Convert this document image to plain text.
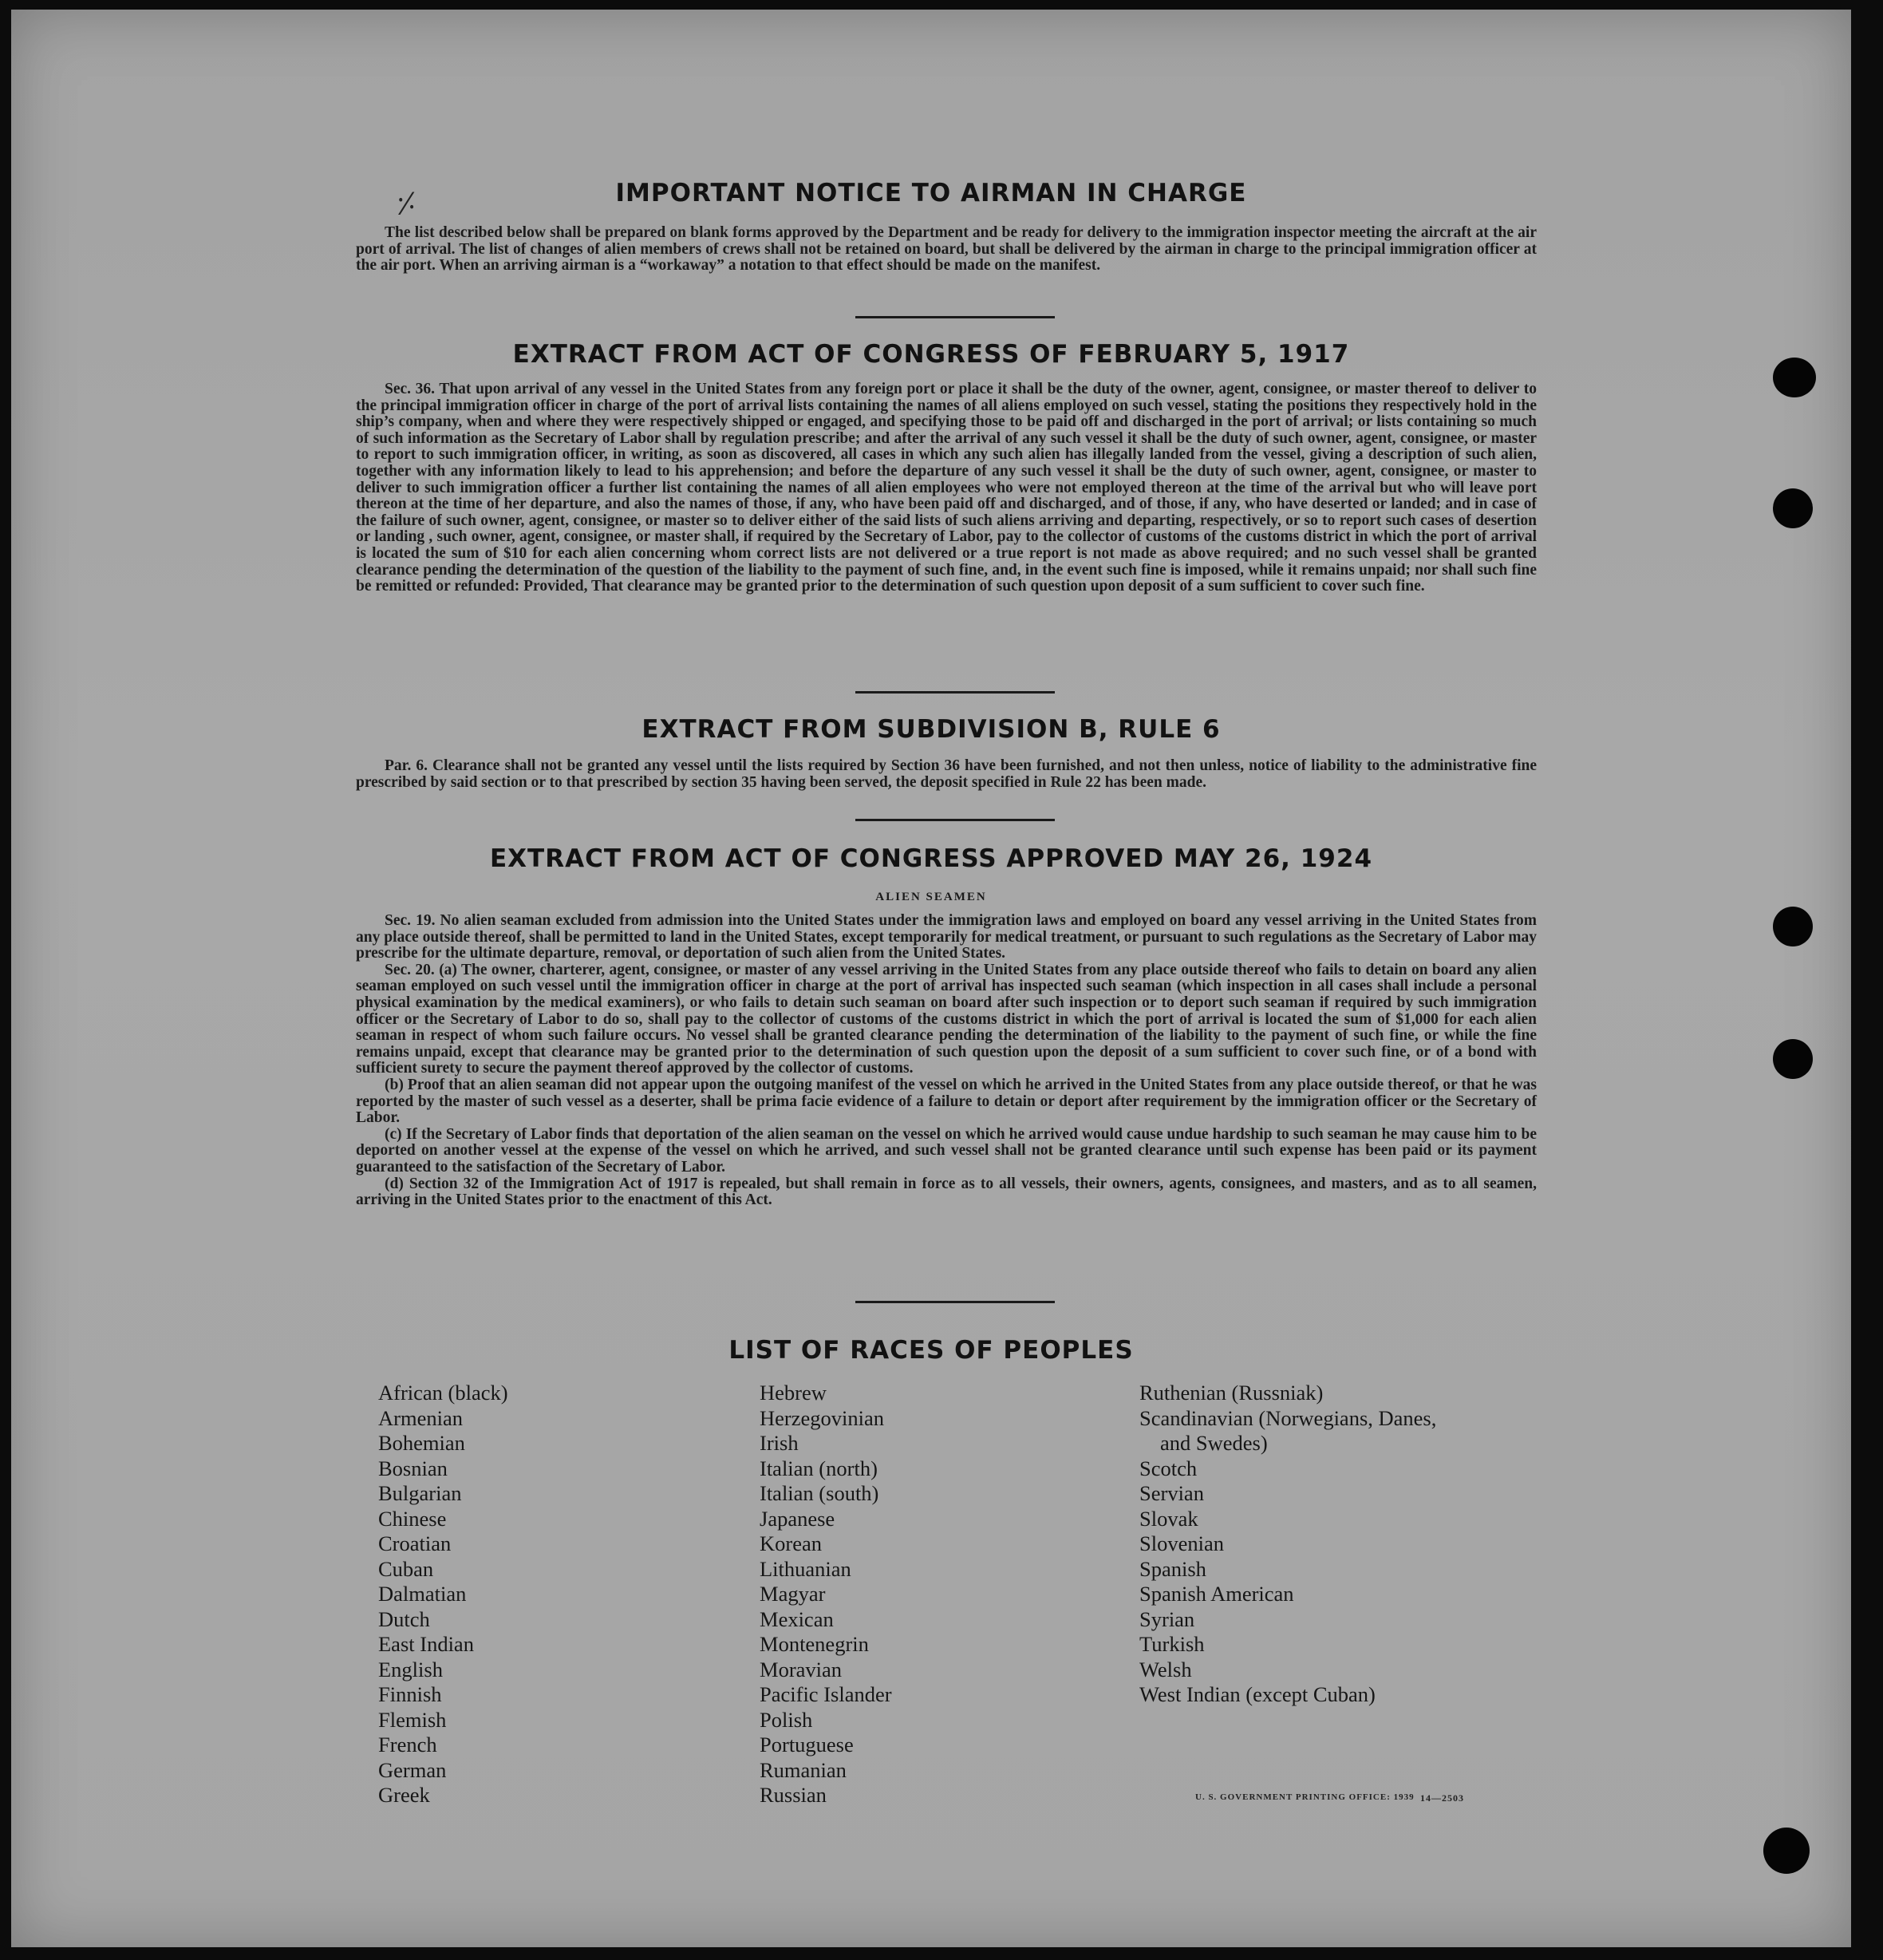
⸓	IMPORTANT NOTICE TO AIRMAN IN CHARGE

The list described below shall be prepared on blank forms approved by the Department and be ready for delivery to the immigration inspector meeting the aircraft at the air port of arrival. The list of changes of alien members of crews shall not be retained on board, but shall be delivered by the airman in charge to the principal immigration officer at the air port. When an arriving airman is a “workaway” a notation to that effect should be made on the manifest.

EXTRACT FROM ACT OF CONGRESS OF FEBRUARY 5, 1917

Sec. 36. That upon arrival of any vessel in the United States from any foreign port or place it shall be the duty of the owner, agent, consignee, or master thereof to deliver to the principal immigration officer in charge of the port of arrival lists containing the names of all aliens employed on such vessel, stating the positions they respectively hold in the ship’s company, when and where they were respectively shipped or engaged, and specifying those to be paid off and discharged in the port of arrival; or lists containing so much of such information as the Secretary of Labor shall by regulation prescribe; and after the arrival of any such vessel it shall be the duty of such owner, agent, consignee, or master to report to such immigration officer, in writing, as soon as discovered, all cases in which any such alien has illegally landed from the vessel, giving a description of such alien, together with any information likely to lead to his apprehension; and before the departure of any such vessel it shall be the duty of such owner, agent, consignee, or master to deliver to such immigration officer a further list containing the names of all alien employees who were not employed thereon at the time of the arrival but who will leave port thereon at the time of her departure, and also the names of those, if any, who have been paid off and discharged, and of those, if any, who have deserted or landed; and in case of the failure of such owner, agent, consignee, or master so to deliver either of the said lists of such aliens arriving and departing, respectively, or so to report such cases of desertion or landing , such owner, agent, consignee, or master shall, if required by the Secretary of Labor, pay to the collector of customs of the customs district in which the port of arrival is located the sum of $10 for each alien concerning whom correct lists are not delivered or a true report is not made as above required; and no such vessel shall be granted clearance pending the determination of the question of the liability to the payment of such fine, and, in the event such fine is imposed, while it remains unpaid; nor shall such fine be remitted or refunded: Provided, That clearance may be granted prior to the determination of such question upon deposit of a sum sufficient to cover such fine.

EXTRACT FROM SUBDIVISION B, RULE 6

Par. 6. Clearance shall not be granted any vessel until the lists required by Section 36 have been furnished, and not then unless, notice of liability to the administrative fine prescribed by said section or to that prescribed by section 35 having been served, the deposit specified in Rule 22 has been made.

EXTRACT FROM ACT OF CONGRESS APPROVED MAY 26, 1924
ALIEN SEAMEN

Sec. 19. No alien seaman excluded from admission into the United States under the immigration laws and employed on board any vessel arriving in the United States from any place outside thereof, shall be permitted to land in the United States, except temporarily for medical treatment, or pursuant to such regulations as the Secretary of Labor may prescribe for the ultimate departure, removal, or deportation of such alien from the United States.

Sec. 20. (a) The owner, charterer, agent, consignee, or master of any vessel arriving in the United States from any place outside thereof who fails to detain on board any alien seaman employed on such vessel until the immigration officer in charge at the port of arrival has inspected such seaman (which inspection in all cases shall include a personal physical examination by the medical examiners), or who fails to detain such seaman on board after such inspection or to deport such seaman if required by such immigration officer or the Secretary of Labor to do so, shall pay to the collector of customs of the customs district in which the port of arrival is located the sum of $1,000 for each alien seaman in respect of whom such failure occurs. No vessel shall be granted clearance pending the determination of the liability to the payment of such fine, or while the fine remains unpaid, except that clearance may be granted prior to the determination of such question upon the deposit of a sum sufficient to cover such fine, or of a bond with sufficient surety to secure the payment thereof approved by the collector of customs.

(b) Proof that an alien seaman did not appear upon the outgoing manifest of the vessel on which he arrived in the United States from any place outside thereof, or that he was reported by the master of such vessel as a deserter, shall be prima facie evidence of a failure to detain or deport after requirement by the immigration officer or the Secretary of Labor.

(c) If the Secretary of Labor finds that deportation of the alien seaman on the vessel on which he arrived would cause undue hardship to such seaman he may cause him to be deported on another vessel at the expense of the vessel on which he arrived, and such vessel shall not be granted clearance until such expense has been paid or its payment guaranteed to the satisfaction of the Secretary of Labor.

(d) Section 32 of the Immigration Act of 1917 is repealed, but shall remain in force as to all vessels, their owners, agents, consignees, and masters, and as to all seamen, arriving in the United States prior to the enactment of this Act.

LIST OF RACES OF PEOPLES
African (black)
Armenian
Bohemian
Bosnian
Bulgarian
Chinese
Croatian
Cuban
Dalmatian
Dutch
East Indian
English
Finnish
Flemish
French
German
Greek
Hebrew
Herzegovinian
Irish
Italian (north)
Italian (south)
Japanese
Korean
Lithuanian
Magyar
Mexican
Montenegrin
Moravian
Pacific Islander
Polish
Portuguese
Rumanian
Russian
Ruthenian (Russniak)
Scandinavian (Norwegians, Danes,
and Swedes)
Scotch
Servian
Slovak
Slovenian
Spanish
Spanish American
Syrian
Turkish
Welsh
West Indian (except Cuban)
U. S. GOVERNMENT PRINTING OFFICE: 1939 14—2503
